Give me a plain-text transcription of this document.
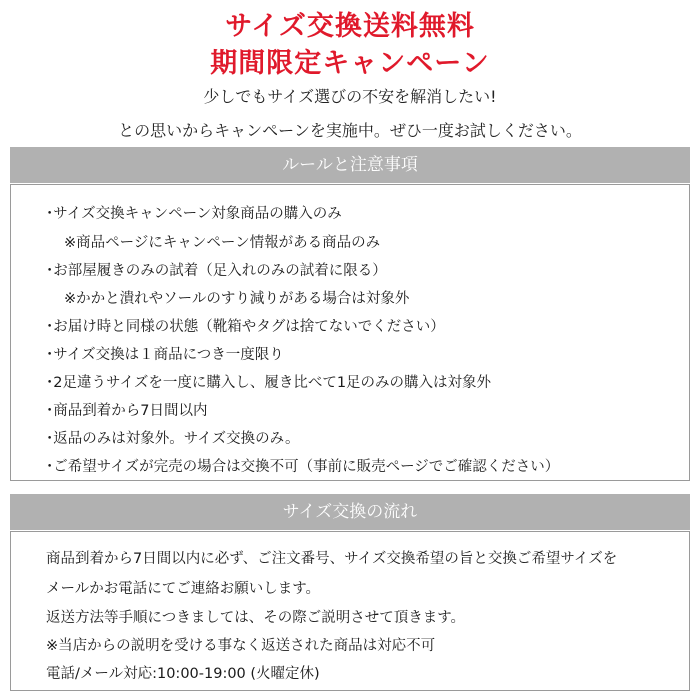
サイズ交換送料無料
期間限定キャンペーン
少しでもサイズ選びの不安を解消したい!
との思いからキャンペーンを実施中。ぜひ一度お試しください。
ルールと注意事項
･サイズ交換キャンペーン対象商品の購入のみ
※商品ページにキャンペーン情報がある商品のみ
･お部屋履きのみの試着（足入れのみの試着に限る）
※かかと潰れやソールのすり減りがある場合は対象外
･お届け時と同様の状態（靴箱やタグは捨てないでください）
･サイズ交換は１商品につき一度限り
･2足違うサイズを一度に購入し、履き比べて1足のみの購入は対象外
･商品到着から7日間以内
･返品のみは対象外。サイズ交換のみ。
･ご希望サイズが完売の場合は交換不可（事前に販売ページでご確認ください）
サイズ交換の流れ
商品到着から7日間以内に必ず、ご注文番号、サイズ交換希望の旨と交換ご希望サイズを
メールかお電話にてご連絡お願いします。
返送方法等手順につきましては、その際ご説明させて頂きます。
※当店からの説明を受ける事なく返送された商品は対応不可
電話/メール対応:10:00-19:00 (火曜定休)
